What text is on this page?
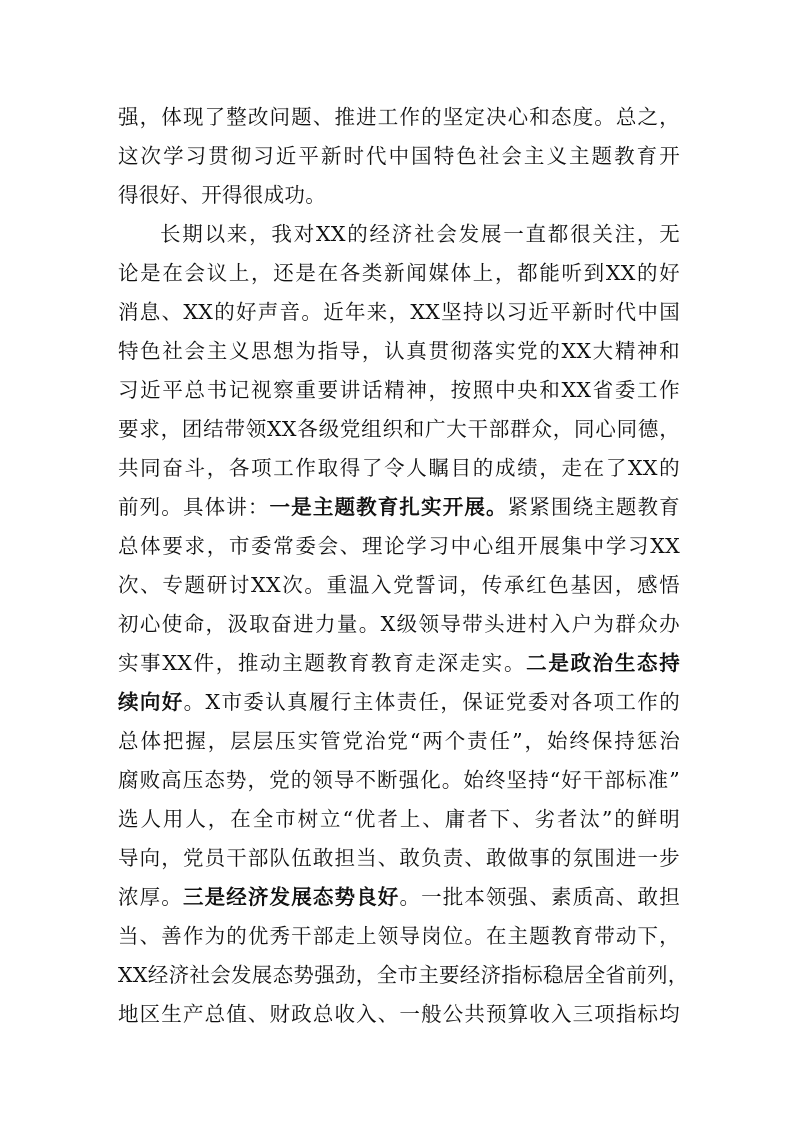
强，体现了整改问题、推进工作的坚定决心和态度。总之，
这次学习贯彻习近平新时代中国特色社会主义主题教育开
得很好、开得很成功。
长期以来，我对XX的经济社会发展一直都很关注，无
论是在会议上，还是在各类新闻媒体上，都能听到XX的好
消息、XX的好声音。近年来，XX坚持以习近平新时代中国
特色社会主义思想为指导，认真贯彻落实党的XX大精神和
习近平总书记视察重要讲话精神，按照中央和XX省委工作
要求，团结带领XX各级党组织和广大干部群众，同心同德，
共同奋斗，各项工作取得了令人瞩目的成绩，走在了XX的
前列。具体讲：一是主题教育扎实开展。紧紧围绕主题教育
总体要求，市委常委会、理论学习中心组开展集中学习XX
次、专题研讨XX次。重温入党誓词，传承红色基因，感悟
初心使命，汲取奋进力量。X级领导带头进村入户为群众办
实事XX件，推动主题教育教育走深走实。二是政治生态持
续向好。X市委认真履行主体责任，保证党委对各项工作的
总体把握，层层压实管党治党“两个责任”，始终保持惩治
腐败高压态势，党的领导不断强化。始终坚持“好干部标准”
选人用人，在全市树立“优者上、庸者下、劣者汰”的鲜明
导向，党员干部队伍敢担当、敢负责、敢做事的氛围进一步
浓厚。三是经济发展态势良好。一批本领强、素质高、敢担
当、善作为的优秀干部走上领导岗位。在主题教育带动下，
XX经济社会发展态势强劲，全市主要经济指标稳居全省前列，
地区生产总值、财政总收入、一般公共预算收入三项指标均
